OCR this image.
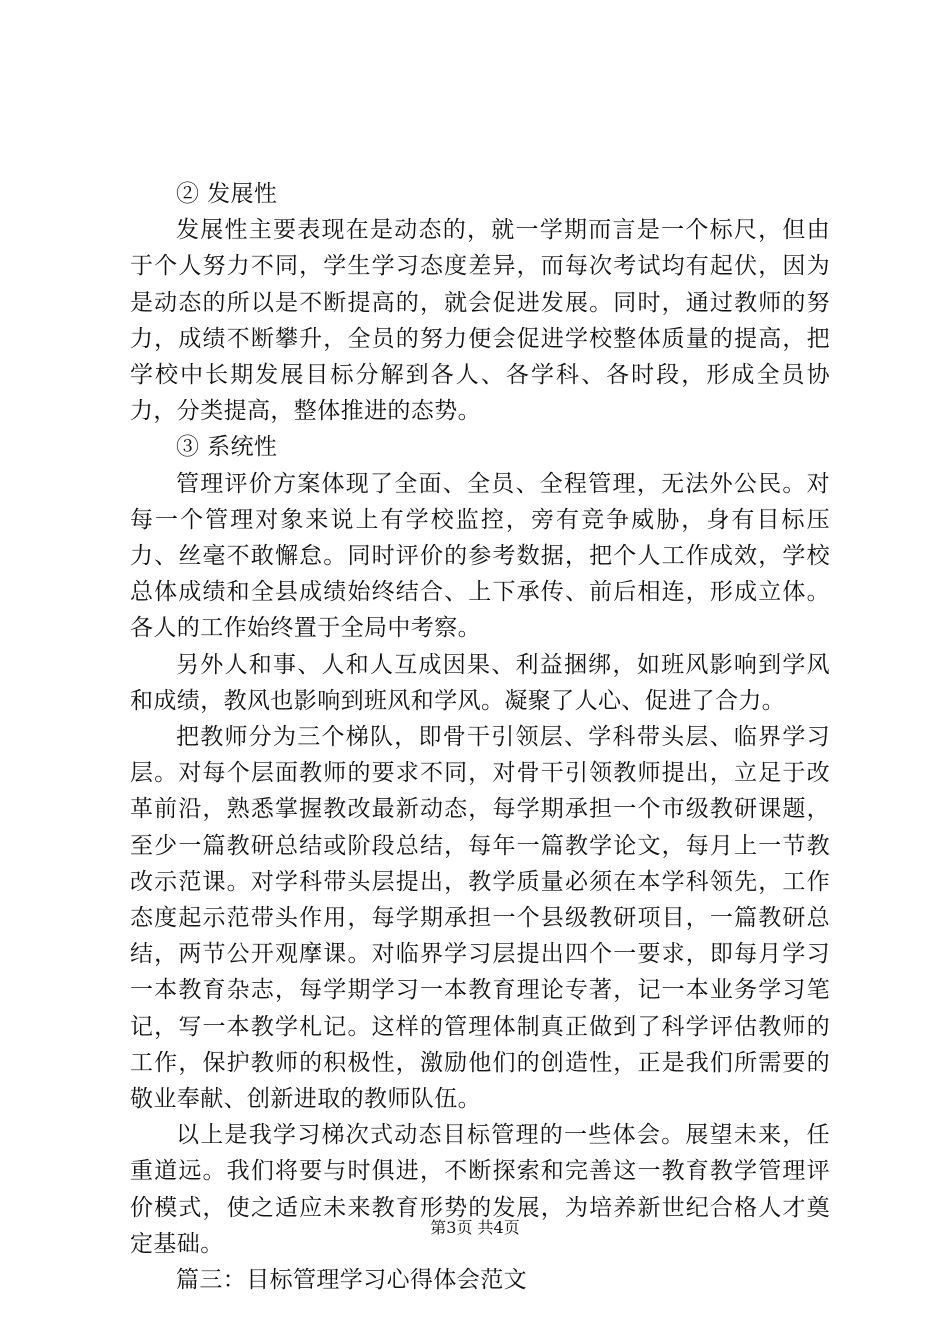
② 发展性

发展性主要表现在是动态的，就一学期而言是一个标尺，但由于个人努力不同，学生学习态度差异，而每次考试均有起伏，因为是动态的所以是不断提高的，就会促进发展。同时，通过教师的努力，成绩不断攀升，全员的努力便会促进学校整体质量的提高，把学校中长期发展目标分解到各人、各学科、各时段，形成全员协力，分类提高，整体推进的态势。

③ 系统性

管理评价方案体现了全面、全员、全程管理，无法外公民。对每一个管理对象来说上有学校监控，旁有竞争威胁，身有目标压力、丝毫不敢懈怠。同时评价的参考数据，把个人工作成效，学校总体成绩和全县成绩始终结合、上下承传、前后相连，形成立体。各人的工作始终置于全局中考察。

另外人和事、人和人互成因果、利益捆绑，如班风影响到学风和成绩，教风也影响到班风和学风。凝聚了人心、促进了合力。

把教师分为三个梯队，即骨干引领层、学科带头层、临界学习层。对每个层面教师的要求不同，对骨干引领教师提出，立足于改革前沿，熟悉掌握教改最新动态，每学期承担一个市级教研课题，至少一篇教研总结或阶段总结，每年一篇教学论文，每月上一节教改示范课。对学科带头层提出，教学质量必须在本学科领先，工作态度起示范带头作用，每学期承担一个县级教研项目，一篇教研总结，两节公开观摩课。对临界学习层提出四个一要求，即每月学习一本教育杂志，每学期学习一本教育理论专著，记一本业务学习笔记，写一本教学札记。这样的管理体制真正做到了科学评估教师的工作，保护教师的积极性，激励他们的创造性，正是我们所需要的敬业奉献、创新进取的教师队伍。

以上是我学习梯次式动态目标管理的一些体会。展望未来，任重道远。我们将要与时俱进，不断探索和完善这一教育教学管理评价模式，使之适应未来教育形势的发展，为培养新世纪合格人才奠定基础。

篇三：目标管理学习心得体会范文

第3页 共4页
